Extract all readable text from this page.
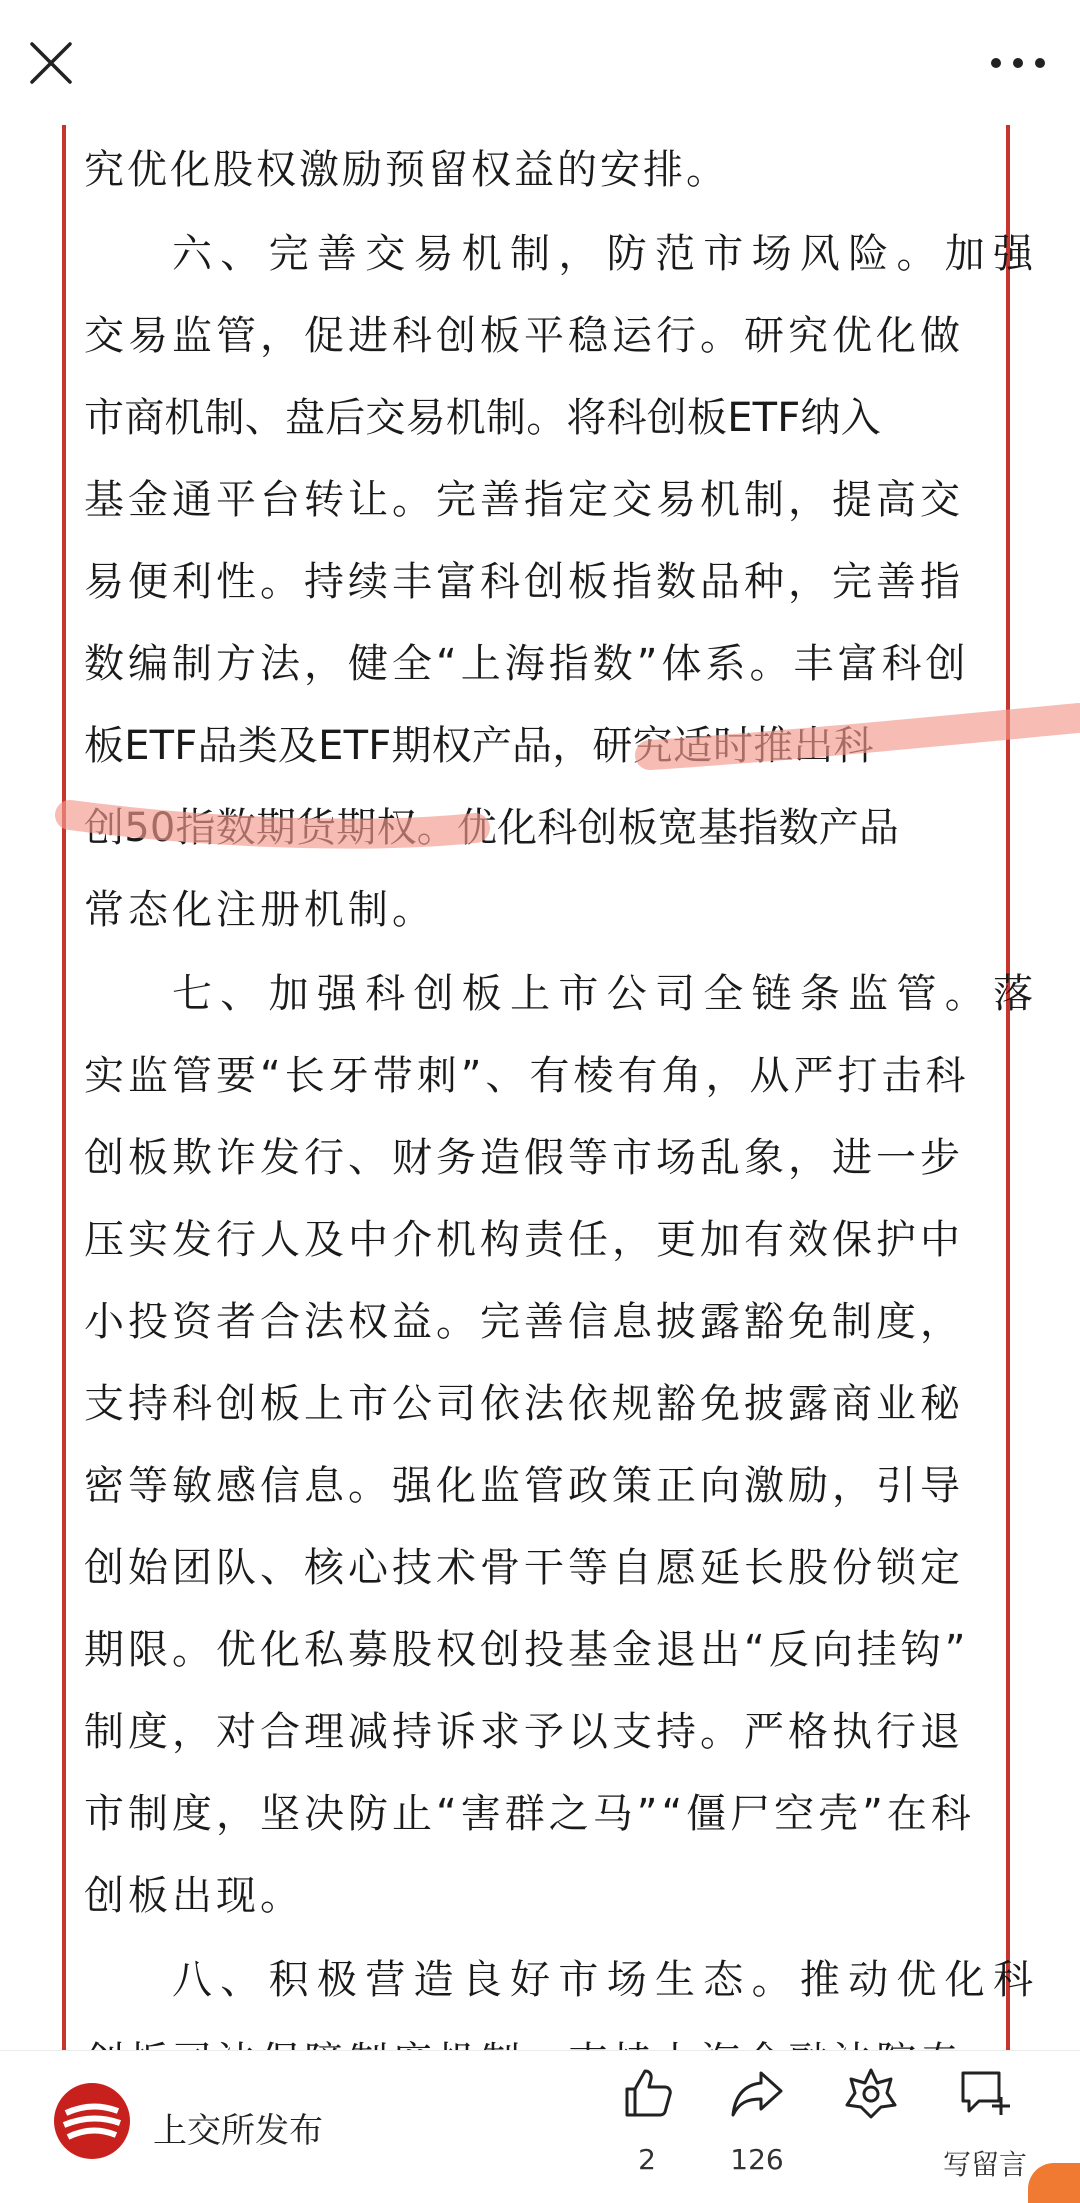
究优化股权激励预留权益的安排。
六、完善交易机制，防范市场风险。加强
交易监管，促进科创板平稳运行。研究优化做
市商机制、盘后交易机制。将科创板ETF纳入
基金通平台转让。完善指定交易机制，提高交
易便利性。持续丰富科创板指数品种，完善指
数编制方法，健全“上海指数”体系。丰富科创
板ETF品类及ETF期权产品，研究适时推出科
创50指数期货期权。优化科创板宽基指数产品
常态化注册机制。
七、加强科创板上市公司全链条监管。落
实监管要“长牙带刺”、有棱有角，从严打击科
创板欺诈发行、财务造假等市场乱象，进一步
压实发行人及中介机构责任，更加有效保护中
小投资者合法权益。完善信息披露豁免制度，
支持科创板上市公司依法依规豁免披露商业秘
密等敏感信息。强化监管政策正向激励，引导
创始团队、核心技术骨干等自愿延长股份锁定
期限。优化私募股权创投基金退出“反向挂钩”
制度，对合理减持诉求予以支持。严格执行退
市制度，坚决防止“害群之马”“僵尸空壳”在科
创板出现。
八、积极营造良好市场生态。推动优化科
上交所发布
2	126	写留言
